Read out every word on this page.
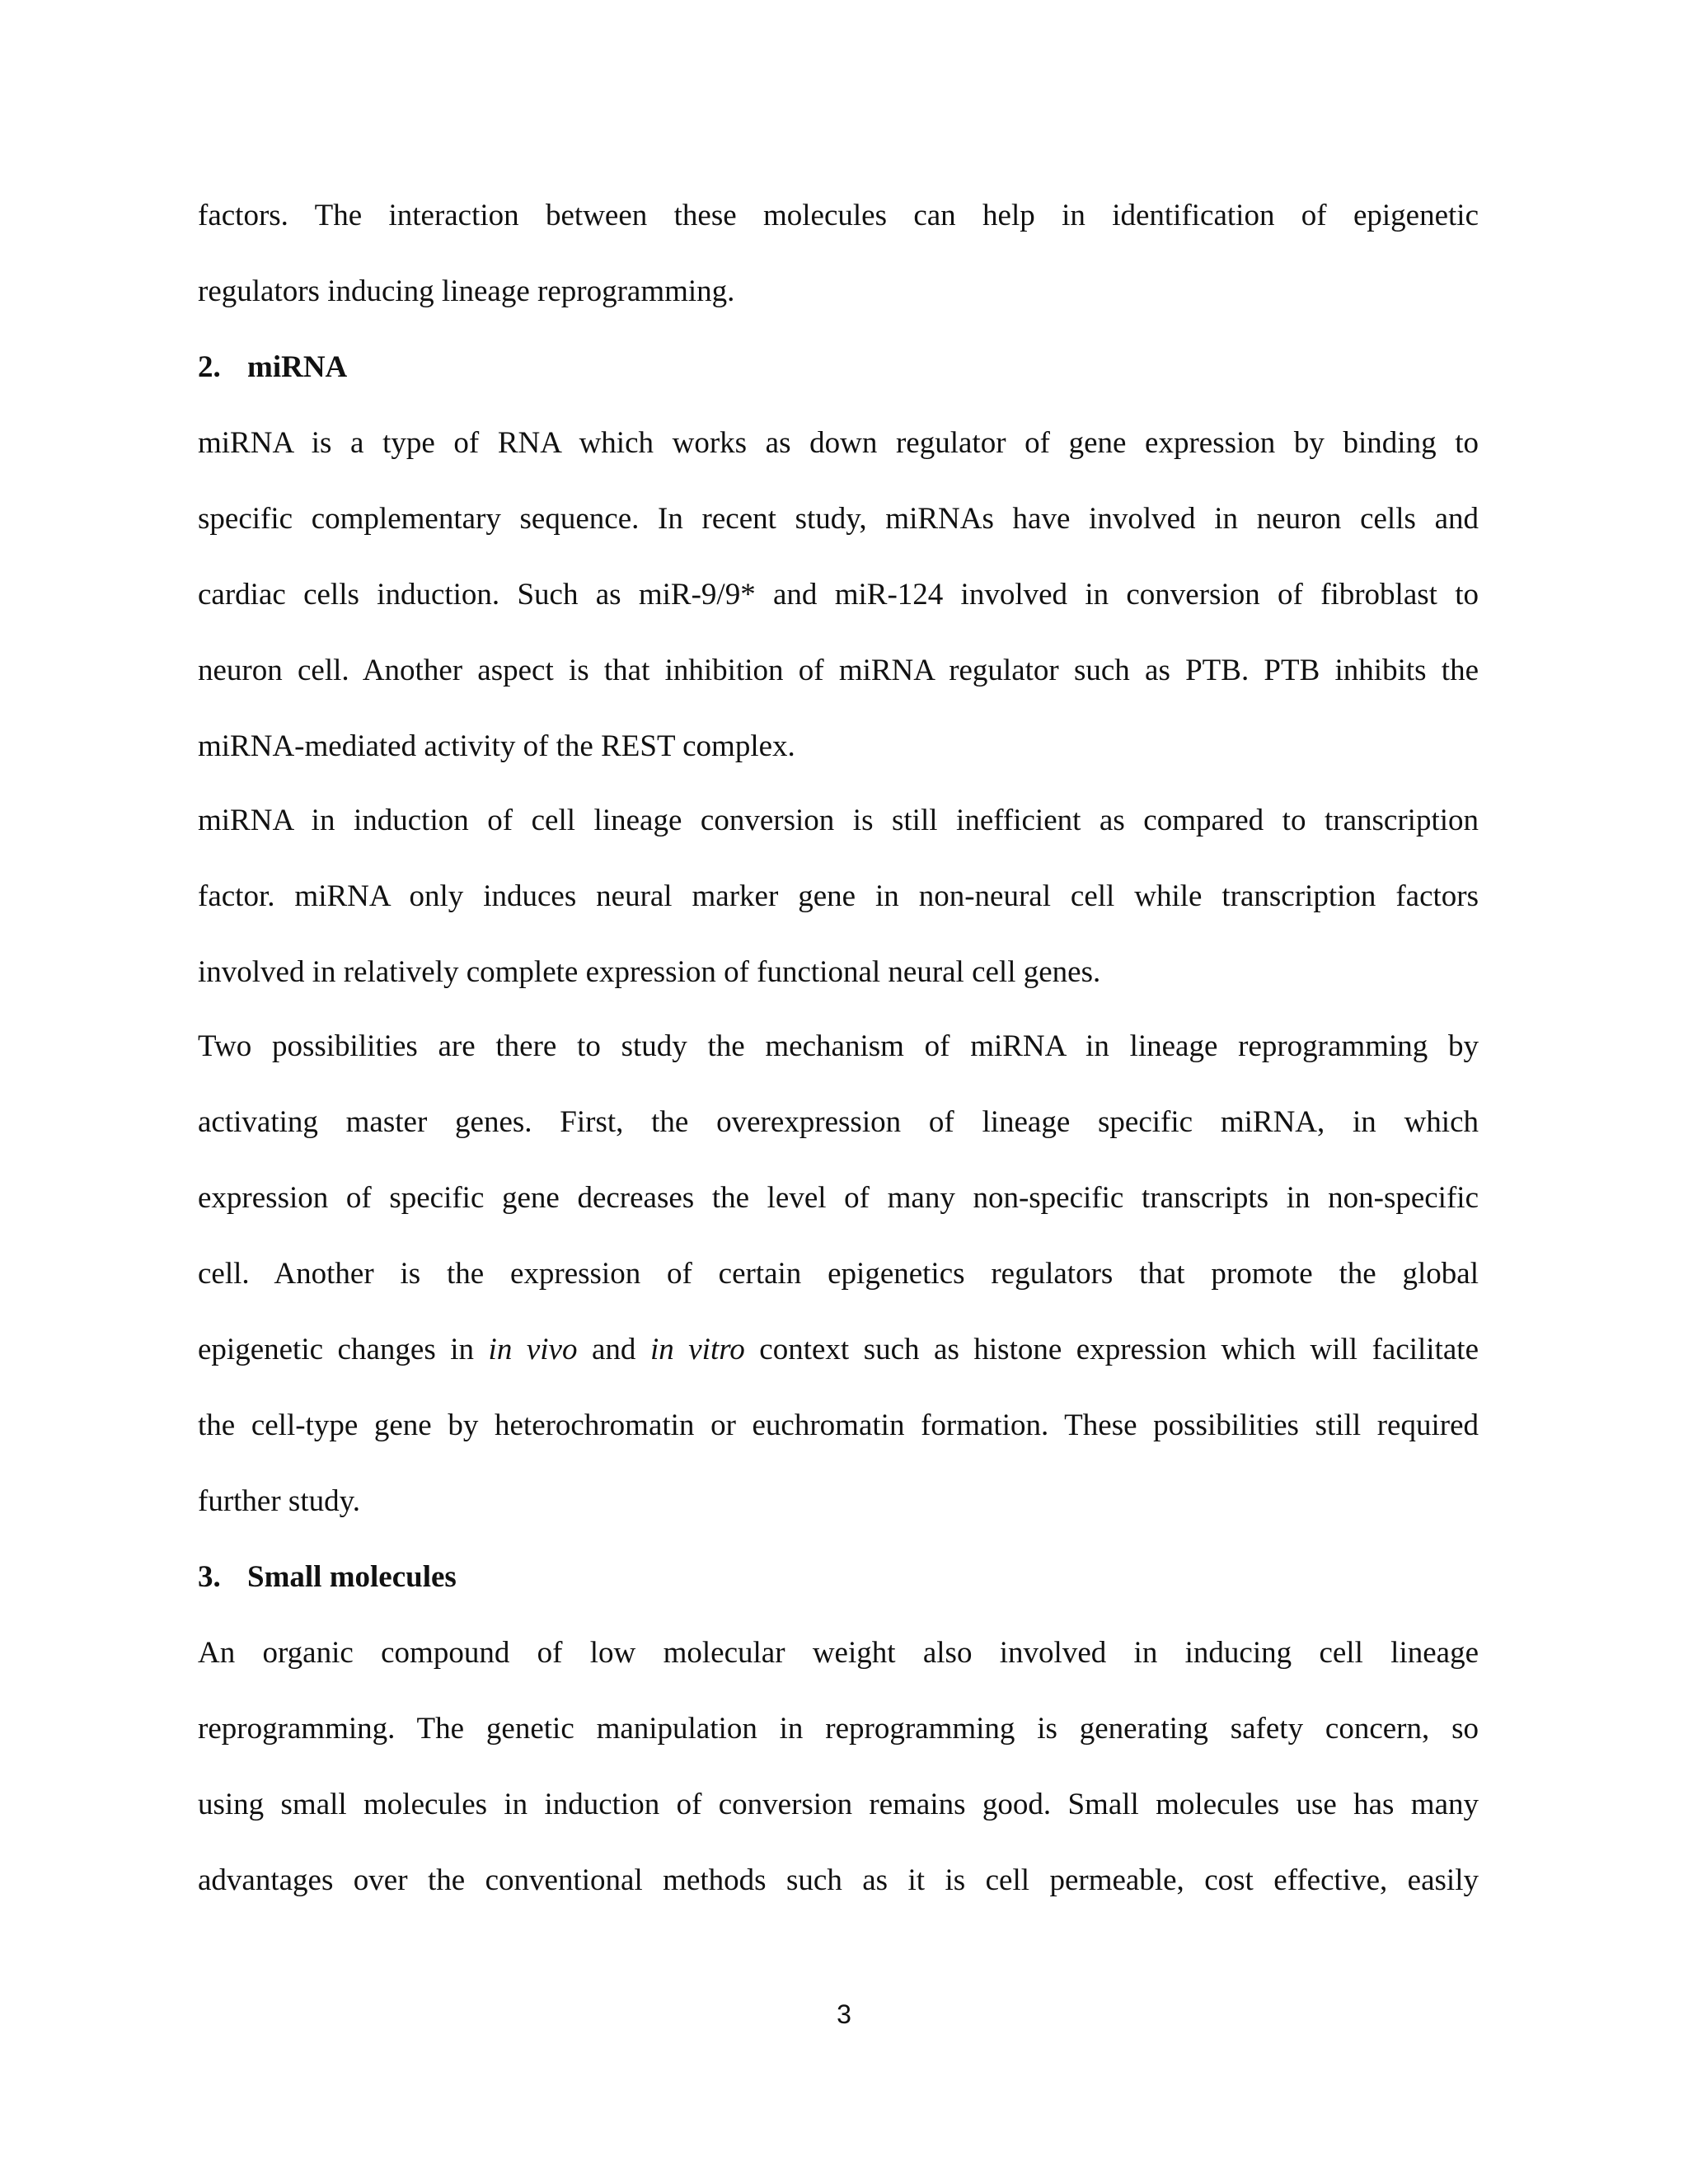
factors. The interaction between these molecules can help in identification of epigenetic
regulators inducing lineage reprogramming.
2. miRNA
miRNA is a type of RNA which works as down regulator of gene expression by binding to
specific complementary sequence. In recent study, miRNAs have involved in neuron cells and
cardiac cells induction. Such as miR-9/9* and miR-124 involved in conversion of fibroblast to
neuron cell. Another aspect is that inhibition of miRNA regulator such as PTB. PTB inhibits the
miRNA-mediated activity of the REST complex.
miRNA in induction of cell lineage conversion is still inefficient as compared to transcription
factor. miRNA only induces neural marker gene in non-neural cell while transcription factors
involved in relatively complete expression of functional neural cell genes.
Two possibilities are there to study the mechanism of miRNA in lineage reprogramming by
activating master genes. First, the overexpression of lineage specific miRNA, in which
expression of specific gene decreases the level of many non-specific transcripts in non-specific
cell. Another is the expression of certain epigenetics regulators that promote the global
epigenetic changes in in vivo and in vitro context such as histone expression which will facilitate
the cell-type gene by heterochromatin or euchromatin formation. These possibilities still required
further study.
3. Small molecules
An organic compound of low molecular weight also involved in inducing cell lineage
reprogramming. The genetic manipulation in reprogramming is generating safety concern, so
using small molecules in induction of conversion remains good. Small molecules use has many
advantages over the conventional methods such as it is cell permeable, cost effective, easily
3
